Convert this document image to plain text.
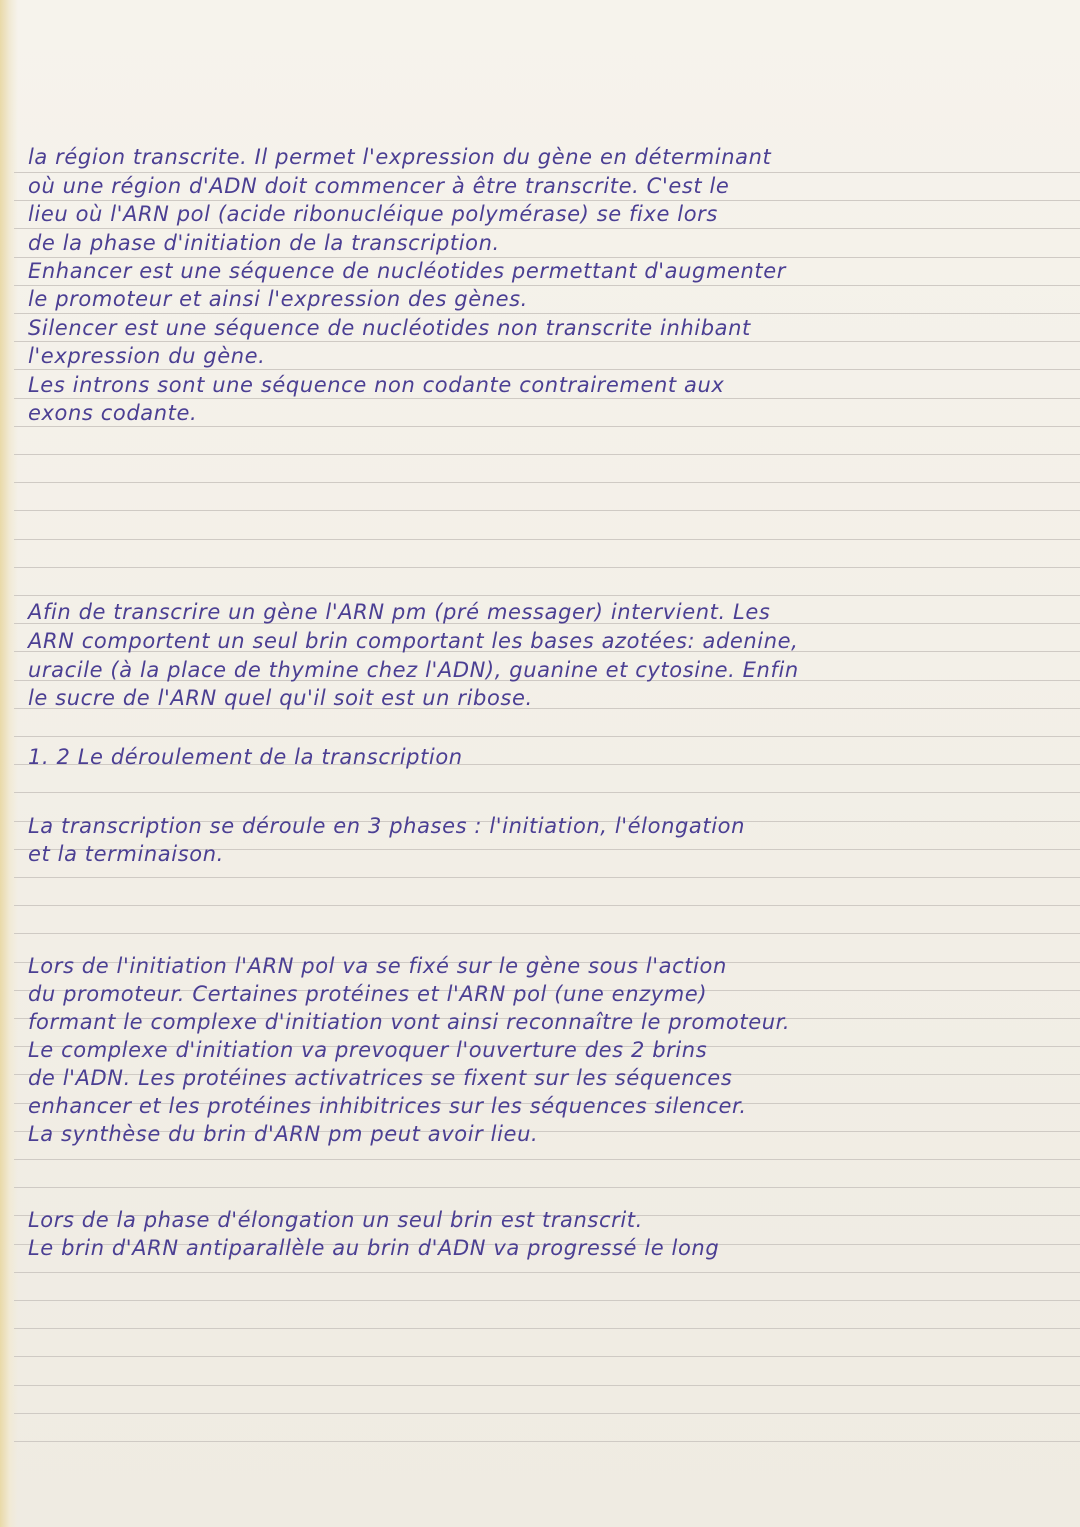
la région transcrite. Il permet l'expression du gène en déterminant
où une région d'ADN doit commencer à être transcrite. C'est le
lieu où l'ARN pol (acide ribonucléique polymérase) se fixe lors
de la phase d'initiation de la transcription.
Enhancer est une séquence de nucléotides permettant d'augmenter
le promoteur et ainsi l'expression des gènes.
Silencer est une séquence de nucléotides non transcrite inhibant
l'expression du gène.
Les introns sont une séquence non codante contrairement aux
exons codante.
Afin de transcrire un gène l'ARN pm (pré messager) intervient. Les
ARN comportent un seul brin comportant les bases azotées: adenine,
uracile (à la place de thymine chez l'ADN), guanine et cytosine. Enfin
le sucre de l'ARN quel qu'il soit est un ribose.
1. 2 Le déroulement de la transcription
La transcription se déroule en 3 phases : l'initiation, l'élongation
et la terminaison.
Lors de l'initiation l'ARN pol va se fixé sur le gène sous l'action
du promoteur. Certaines protéines et l'ARN pol (une enzyme)
formant le complexe d'initiation vont ainsi reconnaître le promoteur.
Le complexe d'initiation va prevoquer l'ouverture des 2 brins
de l'ADN. Les protéines activatrices se fixent sur les séquences
enhancer et les protéines inhibitrices sur les séquences silencer.
La synthèse du brin d'ARN pm peut avoir lieu.
Lors de la phase d'élongation un seul brin est transcrit.
Le brin d'ARN antiparallèle au brin d'ADN va progressé le long
